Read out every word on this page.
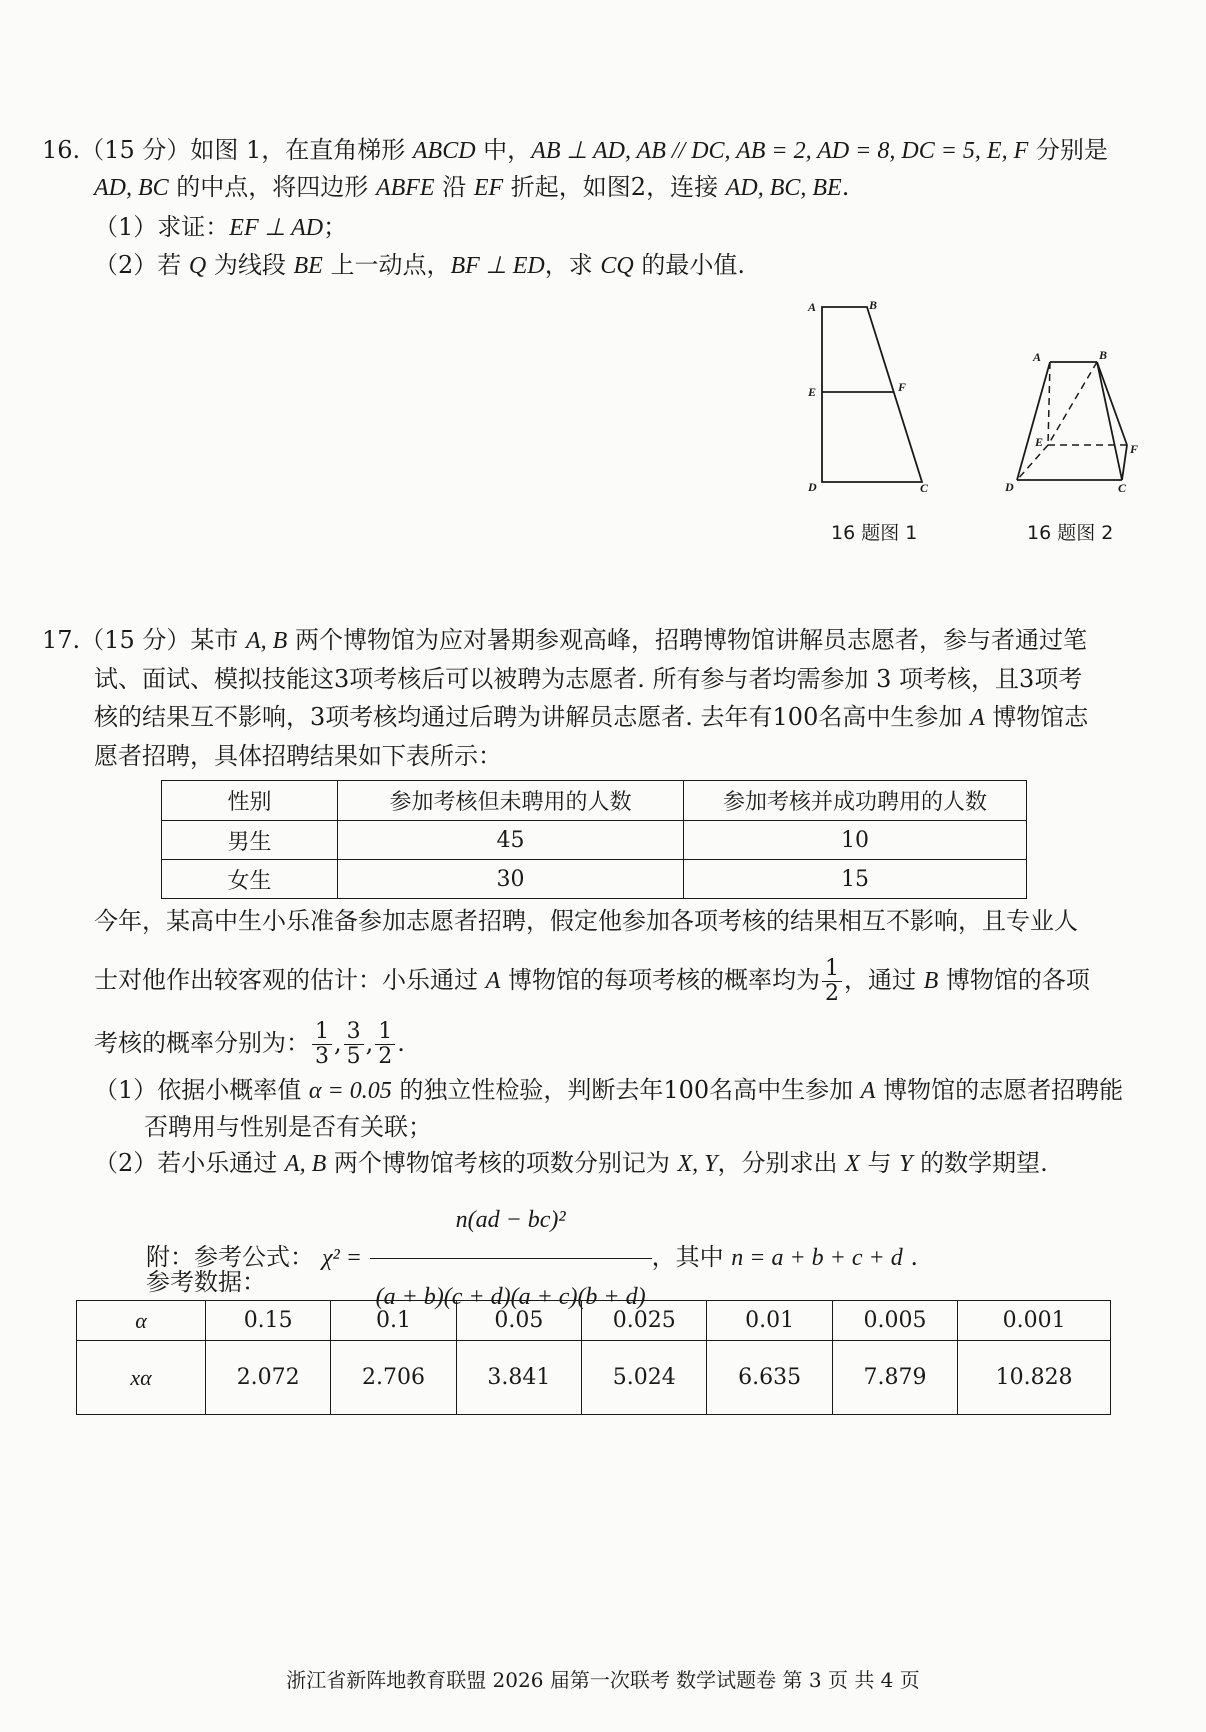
16.（15 分）如图 1，在直角梯形 ABCD 中，AB ⊥ AD, AB // DC, AB = 2, AD = 8, DC = 5, E, F 分别是
AD, BC 的中点，将四边形 ABFE 沿 EF 折起，如图2，连接 AD, BC, BE.
（1）求证：EF ⊥ AD；
（2）若 Q 为线段 BE 上一动点，BF ⊥ ED，求 CQ 的最小值.
A	B
E	F
D	C
16 题图 1
A	B
E	F
D	C
16 题图 2
17.（15 分）某市 A, B 两个博物馆为应对暑期参观高峰，招聘博物馆讲解员志愿者，参与者通过笔
试、面试、模拟技能这3项考核后可以被聘为志愿者. 所有参与者均需参加 3 项考核，且3项考
核的结果互不影响，3项考核均通过后聘为讲解员志愿者. 去年有100名高中生参加 A 博物馆志
愿者招聘，具体招聘结果如下表所示：
性别	参加考核但未聘用的人数	参加考核并成功聘用的人数
男生	45	10
女生	30	15
今年，某高中生小乐准备参加志愿者招聘，假定他参加各项考核的结果相互不影响，且专业人
士对他作出较客观的估计：小乐通过 A 博物馆的每项考核的概率均为 $\frac{1}{2}$ ，通过 B 博物馆的各项
考核的概率分别为： $\frac{1}{3}$ , $\frac{3}{5}$ , $\frac{1}{2}$ .
（1）依据小概率值 α = 0.05 的独立性检验，判断去年100名高中生参加 A 博物馆的志愿者招聘能
否聘用与性别是否有关联；
（2）若小乐通过 A, B 两个博物馆考核的项数分别记为 X, Y，分别求出 X 与 Y 的数学期望.
附：参考公式： $\chi^2 = \frac{\text{n(ad − bc)²}}{(a + b)(c + d)(a + c)(b + d)}$ ，其中 n = a + b + c + d .
参考数据：
α	0.15	0.1	0.05	0.025	0.01	0.005	0.001
xα	2.072	2.706	3.841	5.024	6.635	7.879	10.828
浙江省新阵地教育联盟 2026 届第一次联考 数学试题卷 第 3 页 共 4 页
